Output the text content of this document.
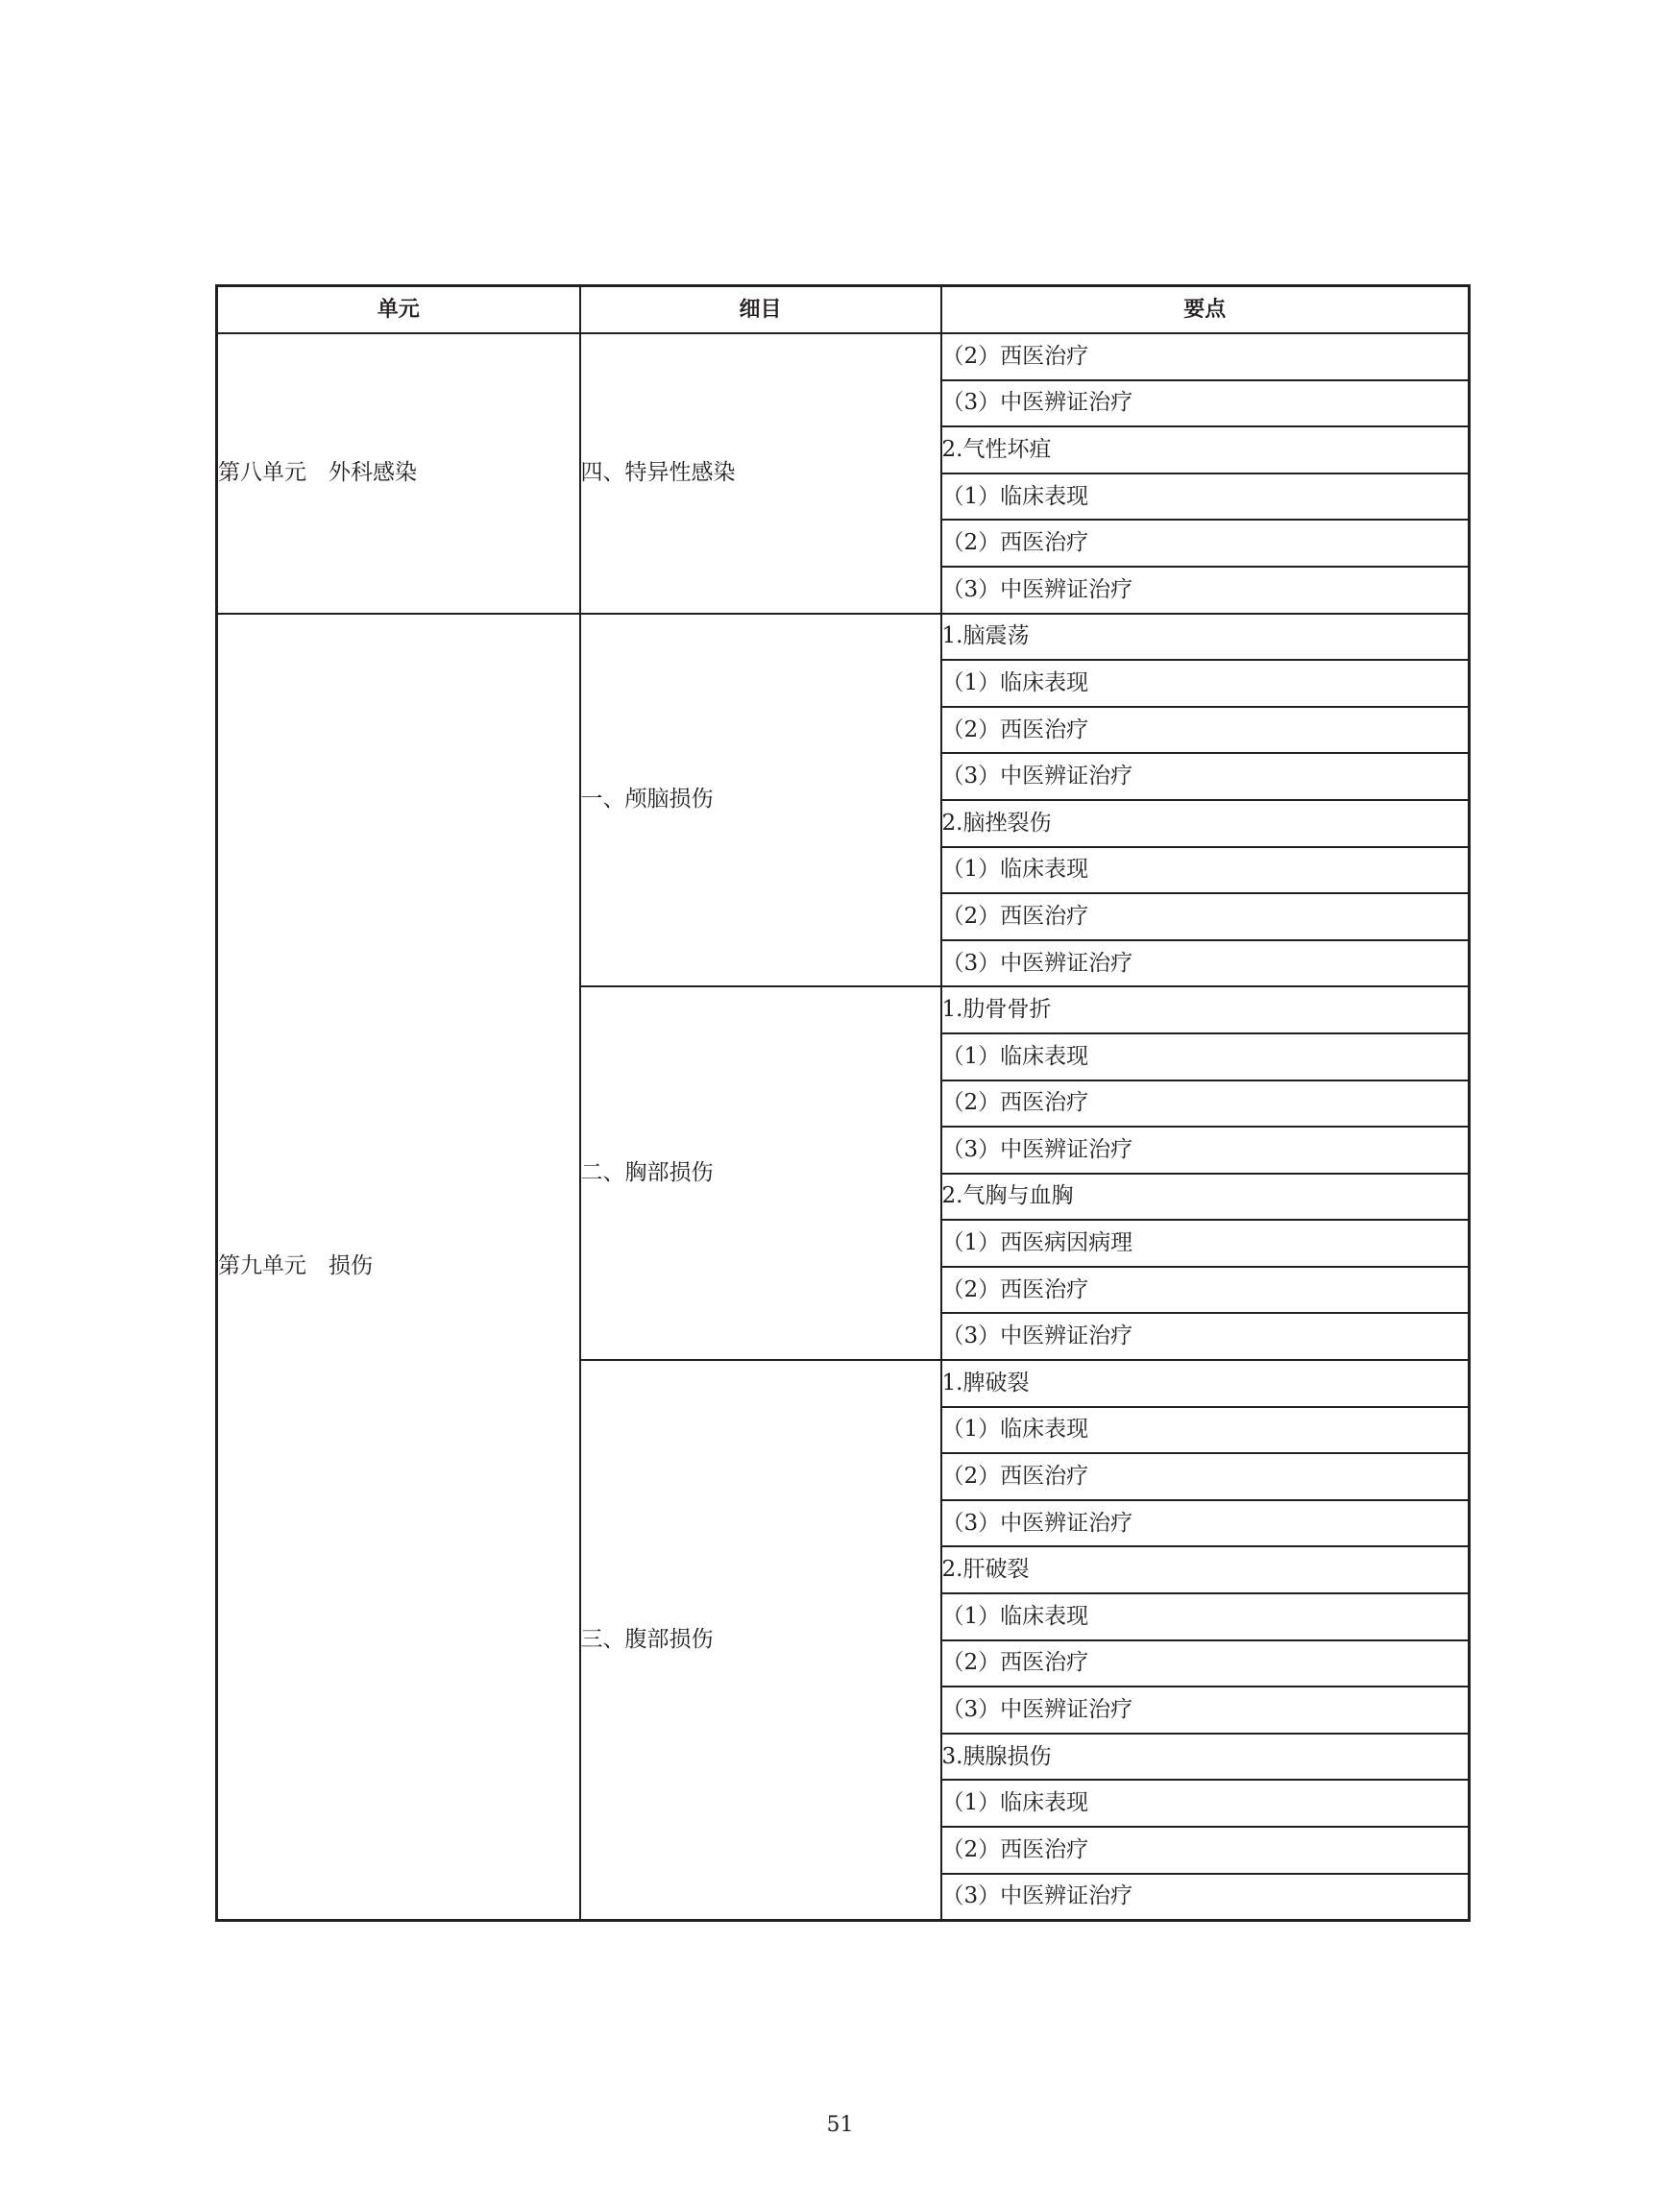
单元	细目	要点
第八单元　外科感染	四、特异性感染	（2）西医治疗
		（3）中医辨证治疗
		2.气性坏疽
		（1）临床表现
		（2）西医治疗
		（3）中医辨证治疗
第九单元　损伤	一、颅脑损伤	1.脑震荡
		（1）临床表现
		（2）西医治疗
		（3）中医辨证治疗
		2.脑挫裂伤
		（1）临床表现
		（2）西医治疗
		（3）中医辨证治疗
	二、胸部损伤	1.肋骨骨折
		（1）临床表现
		（2）西医治疗
		（3）中医辨证治疗
		2.气胸与血胸
		（1）西医病因病理
		（2）西医治疗
		（3）中医辨证治疗
	三、腹部损伤	1.脾破裂
		（1）临床表现
		（2）西医治疗
		（3）中医辨证治疗
		2.肝破裂
		（1）临床表现
		（2）西医治疗
		（3）中医辨证治疗
		3.胰腺损伤
		（1）临床表现
		（2）西医治疗
		（3）中医辨证治疗
51
